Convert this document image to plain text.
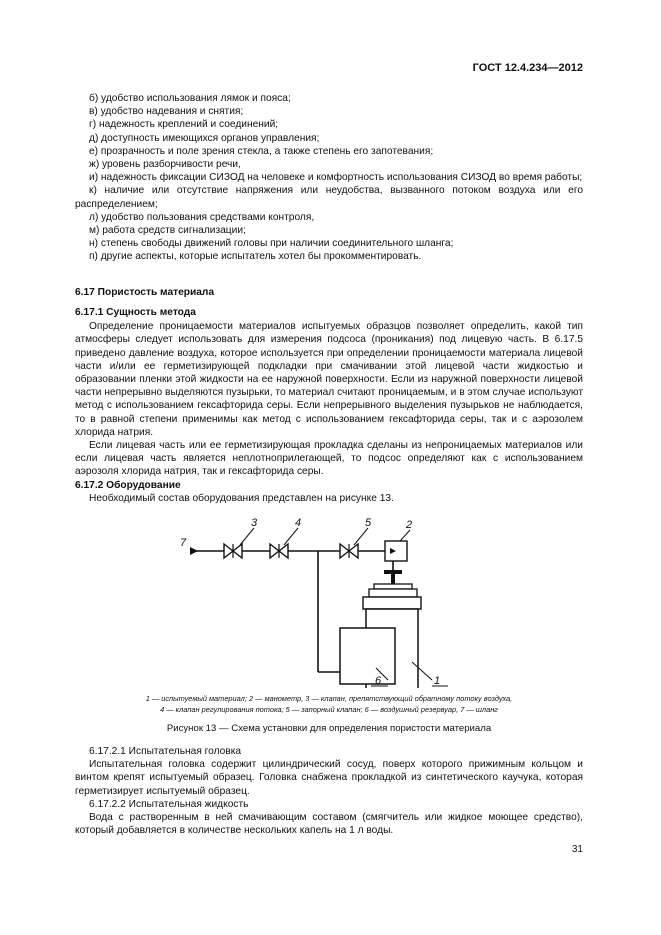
ГОСТ 12.4.234—2012

б) удобство использования лямок и пояса;

в) удобство надевания и снятия;

г) надежность креплений и соединений;

д) доступность имеющихся органов управления;

е) прозрачность и поле зрения стекла, а также степень его запотевания;

ж) уровень разборчивости речи,

и) надежность фиксации СИЗОД на человеке и комфортность использования СИЗОД во время работы;

к) наличие или отсутствие напряжения или неудобства, вызванного потоком воздуха или его распределением;

л) удобство пользования средствами контроля,

м) работа средств сигнализации;

н) степень свободы движений головы при наличии соединительного шланга;

п) другие аспекты, которые испытатель хотел бы прокомментировать.

6.17 Пористость материала

6.17.1 Сущность метода

Определение проницаемости материалов испытуемых образцов позволяет определить, какой тип атмосферы следует использовать для измерения подсоса (проникания) под лицевую часть. В 6.17.5 приведено давление воздуха, которое используется при определении проницаемости материала лицевой части и/или ее герметизирующей подкладки при смачивании этой лицевой части жидкостью и образовании пленки этой жидкости на ее наружной поверхности. Если из наружной поверхности лицевой части непрерывно выделяются пузырьки, то материал считают проницаемым, и в этом случае используют метод с использованием гексафторида серы. Если непрерывного выделения пузырьков не наблюдается, то в равной степени применимы как метод с использованием гексафторида серы, так и с аэрозолем хлорида натрия.

Если лицевая часть или ее герметизирующая прокладка сделаны из непроницаемых материалов или если лицевая часть является неплотноприлегающей, то подсос определяют как с использованием аэрозоля хлорида натрия, так и гексафторида серы.

6.17.2 Оборудование

Необходимый состав оборудования представлен на рисунке 13.

7
3	4	5	2
6	1
1 — испытуемый материал; 2 — манометр, 3 — клапан, препятствующий обратному потоку воздуха,
4 — клапан регулирования потока; 5 — запорный клапан; 6 — воздушный резервуар, 7 — шланг
Рисунок 13 — Схема установки для определения пористости материала

6.17.2.1 Испытательная головка

Испытательная головка содержит цилиндрический сосуд, поверх которого прижимным кольцом и винтом крепят испытуемый образец. Головка снабжена прокладкой из синтетического каучука, которая герметизирует испытуемый образец.

6.17.2.2 Испытательная жидкость

Вода с растворенным в ней смачивающим составом (смягчитель или жидкое моющее средство), который добавляется в количестве нескольких капель на 1 л воды.

31
